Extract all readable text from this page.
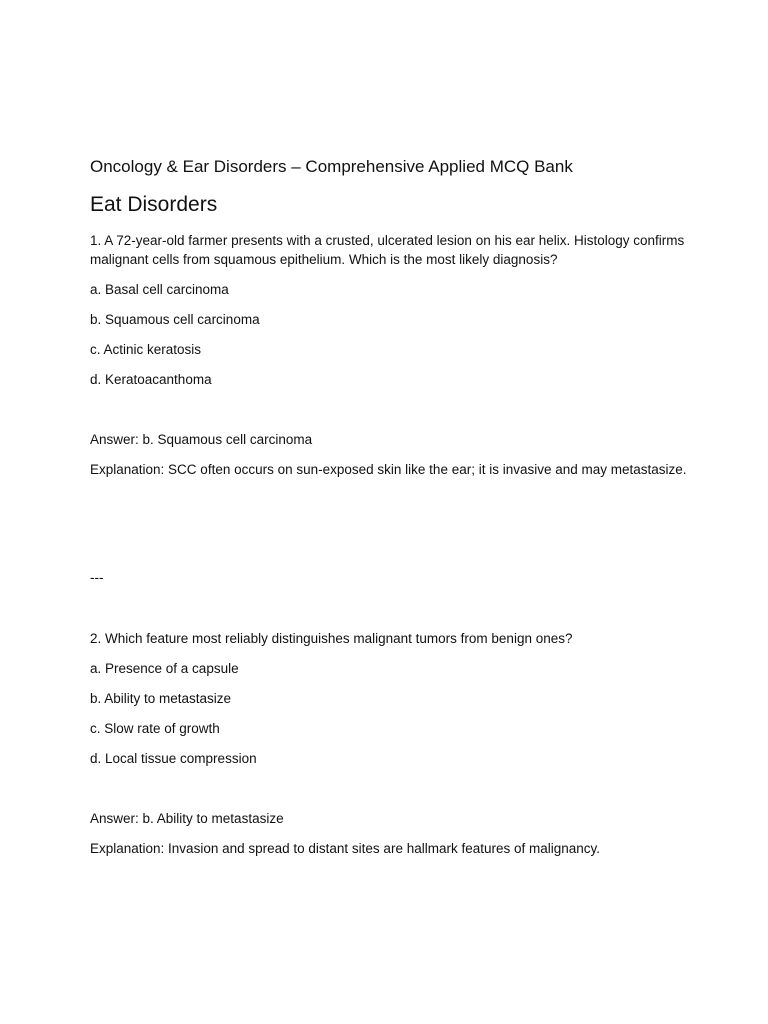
Oncology & Ear Disorders – Comprehensive Applied MCQ Bank
Eat Disorders

1. A 72-year-old farmer presents with a crusted, ulcerated lesion on his ear helix. Histology confirms malignant cells from squamous epithelium. Which is the most likely diagnosis?

a. Basal cell carcinoma

b. Squamous cell carcinoma

c. Actinic keratosis

d. Keratoacanthoma

Answer: b. Squamous cell carcinoma

Explanation: SCC often occurs on sun-exposed skin like the ear; it is invasive and may metastasize.

---

2. Which feature most reliably distinguishes malignant tumors from benign ones?

a. Presence of a capsule

b. Ability to metastasize

c. Slow rate of growth

d. Local tissue compression

Answer: b. Ability to metastasize

Explanation: Invasion and spread to distant sites are hallmark features of malignancy.
